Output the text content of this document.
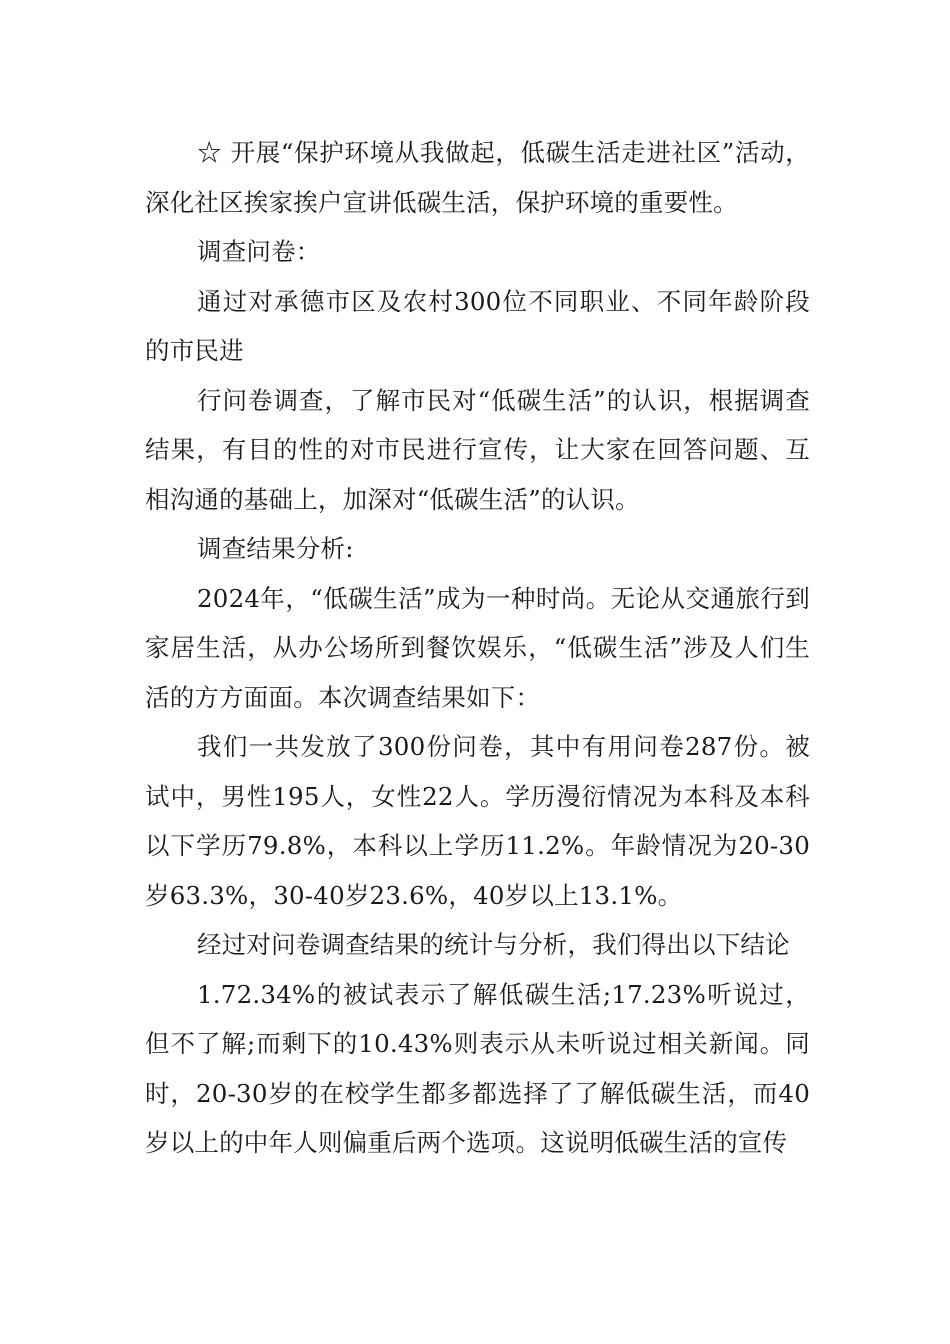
☆ 开展“保护环境从我做起，低碳生活走进社区”活动，深化社区挨家挨户宣讲低碳生活，保护环境的重要性。

调查问卷：

通过对承德市区及农村300位不同职业、不同年龄阶段的市民进

行问卷调查，了解市民对“低碳生活”的认识，根据调查结果，有目的性的对市民进行宣传，让大家在回答问题、互相沟通的基础上，加深对“低碳生活”的认识。

调查结果分析:

2024年，“低碳生活”成为一种时尚。无论从交通旅行到家居生活，从办公场所到餐饮娱乐，“低碳生活”涉及人们生活的方方面面。本次调查结果如下：

我们一共发放了300份问卷，其中有用问卷287份。被试中，男性195人，女性22人。学历漫衍情况为本科及本科以下学历79.8%，本科以上学历11.2%。年龄情况为20-30岁63.3%，30-40岁23.6%，40岁以上13.1%。

经过对问卷调查结果的统计与分析，我们得出以下结论

1.72.34%的被试表示了解低碳生活;17.23%听说过，但不了解;而剩下的10.43%则表示从未听说过相关新闻。同时，20-30岁的在校学生都多都选择了了解低碳生活，而40岁以上的中年人则偏重后两个选项。这说明低碳生活的宣传
